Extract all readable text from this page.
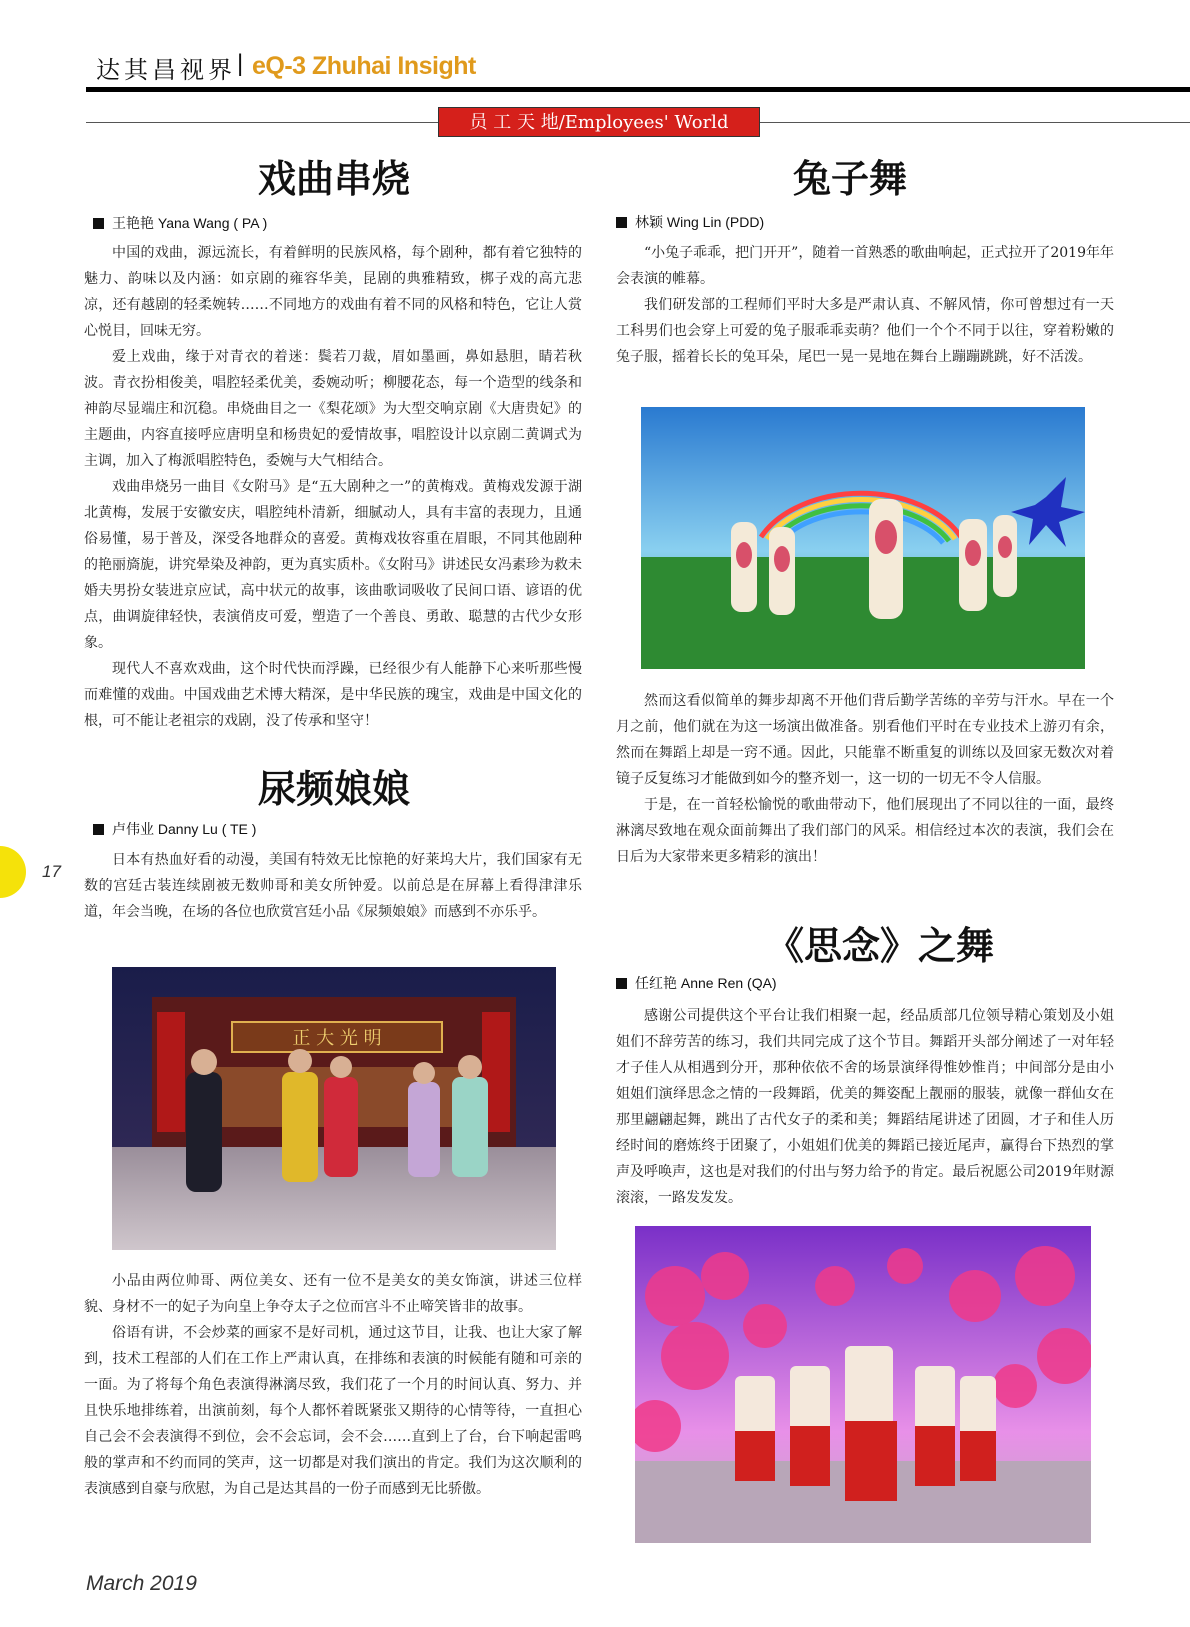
达其昌视界 | eQ-3 Zhuhai Insight
员 工 天 地/Employees' World
戏曲串烧
王艳艳 Yana Wang ( PA )

中国的戏曲，源远流长，有着鲜明的民族风格，每个剧种，都有着它独特的魅力、韵味以及内涵：如京剧的雍容华美，昆剧的典雅精致，梆子戏的高亢悲凉，还有越剧的轻柔婉转……不同地方的戏曲有着不同的风格和特色，它让人赏心悦目，回味无穷。

爱上戏曲，缘于对青衣的着迷：鬓若刀裁，眉如墨画，鼻如悬胆，睛若秋波。青衣扮相俊美，唱腔轻柔优美，委婉动听；柳腰花态，每一个造型的线条和神韵尽显端庄和沉稳。串烧曲目之一《梨花颂》为大型交响京剧《大唐贵妃》的主题曲，内容直接呼应唐明皇和杨贵妃的爱情故事，唱腔设计以京剧二黄调式为主调，加入了梅派唱腔特色，委婉与大气相结合。

戏曲串烧另一曲目《女附马》是“五大剧种之一”的黄梅戏。黄梅戏发源于湖北黄梅，发展于安徽安庆，唱腔纯朴清新，细腻动人，具有丰富的表现力，且通俗易懂，易于普及，深受各地群众的喜爱。黄梅戏妆容重在眉眼，不同其他剧种的艳丽旖旎，讲究晕染及神韵，更为真实质朴。《女附马》讲述民女冯素珍为救未婚夫男扮女装进京应试，高中状元的故事，该曲歌词吸收了民间口语、谚语的优点，曲调旋律轻快，表演俏皮可爱，塑造了一个善良、勇敢、聪慧的古代少女形象。

现代人不喜欢戏曲，这个时代快而浮躁，已经很少有人能静下心来听那些慢而难懂的戏曲。中国戏曲艺术博大精深，是中华民族的瑰宝，戏曲是中国文化的根，可不能让老祖宗的戏剧，没了传承和坚守！

尿频娘娘
卢伟业 Danny Lu ( TE )

日本有热血好看的动漫，美国有特效无比惊艳的好莱坞大片，我们国家有无数的宫廷古装连续剧被无数帅哥和美女所钟爱。以前总是在屏幕上看得津津乐道，年会当晚，在场的各位也欣赏宫廷小品《尿频娘娘》而感到不亦乐乎。

正 大 光 明

小品由两位帅哥、两位美女、还有一位不是美女的美女饰演，讲述三位样貌、身材不一的妃子为向皇上争夺太子之位而宫斗不止啼笑皆非的故事。

俗语有讲，不会炒菜的画家不是好司机，通过这节目，让我、也让大家了解到，技术工程部的人们在工作上严肃认真，在排练和表演的时候能有随和可亲的一面。为了将每个角色表演得淋漓尽致，我们花了一个月的时间认真、努力、并且快乐地排练着，出演前刻，每个人都怀着既紧张又期待的心情等待，一直担心自己会不会表演得不到位，会不会忘词，会不会……直到上了台，台下响起雷鸣般的掌声和不约而同的笑声，这一切都是对我们演出的肯定。我们为这次顺利的表演感到自豪与欣慰，为自己是达其昌的一份子而感到无比骄傲。

兔子舞
林颖 Wing Lin (PDD)

“小兔子乖乖，把门开开”，随着一首熟悉的歌曲响起，正式拉开了2019年年会表演的帷幕。

我们研发部的工程师们平时大多是严肃认真、不解风情，你可曾想过有一天工科男们也会穿上可爱的兔子服乖乖卖萌？他们一个个不同于以往，穿着粉嫩的兔子服，摇着长长的兔耳朵，尾巴一晃一晃地在舞台上蹦蹦跳跳，好不活泼。

然而这看似简单的舞步却离不开他们背后勤学苦练的辛劳与汗水。早在一个月之前，他们就在为这一场演出做准备。别看他们平时在专业技术上游刃有余，然而在舞蹈上却是一窍不通。因此，只能靠不断重复的训练以及回家无数次对着镜子反复练习才能做到如今的整齐划一，这一切的一切无不令人信服。

于是，在一首轻松愉悦的歌曲带动下，他们展现出了不同以往的一面，最终淋漓尽致地在观众面前舞出了我们部门的风采。相信经过本次的表演，我们会在日后为大家带来更多精彩的演出！

《思念》之舞
任红艳 Anne Ren (QA)

感谢公司提供这个平台让我们相聚一起，经品质部几位领导精心策划及小姐姐们不辞劳苦的练习，我们共同完成了这个节目。舞蹈开头部分阐述了一对年轻才子佳人从相遇到分开，那种依依不舍的场景演绎得惟妙惟肖；中间部分是由小姐姐们演绎思念之情的一段舞蹈，优美的舞姿配上靓丽的服装，就像一群仙女在那里翩翩起舞，跳出了古代女子的柔和美；舞蹈结尾讲述了团圆，才子和佳人历经时间的磨炼终于团聚了，小姐姐们优美的舞蹈已接近尾声，赢得台下热烈的掌声及呼唤声，这也是对我们的付出与努力给予的肯定。最后祝愿公司2019年财源滚滚，一路发发发。

17
March 2019
